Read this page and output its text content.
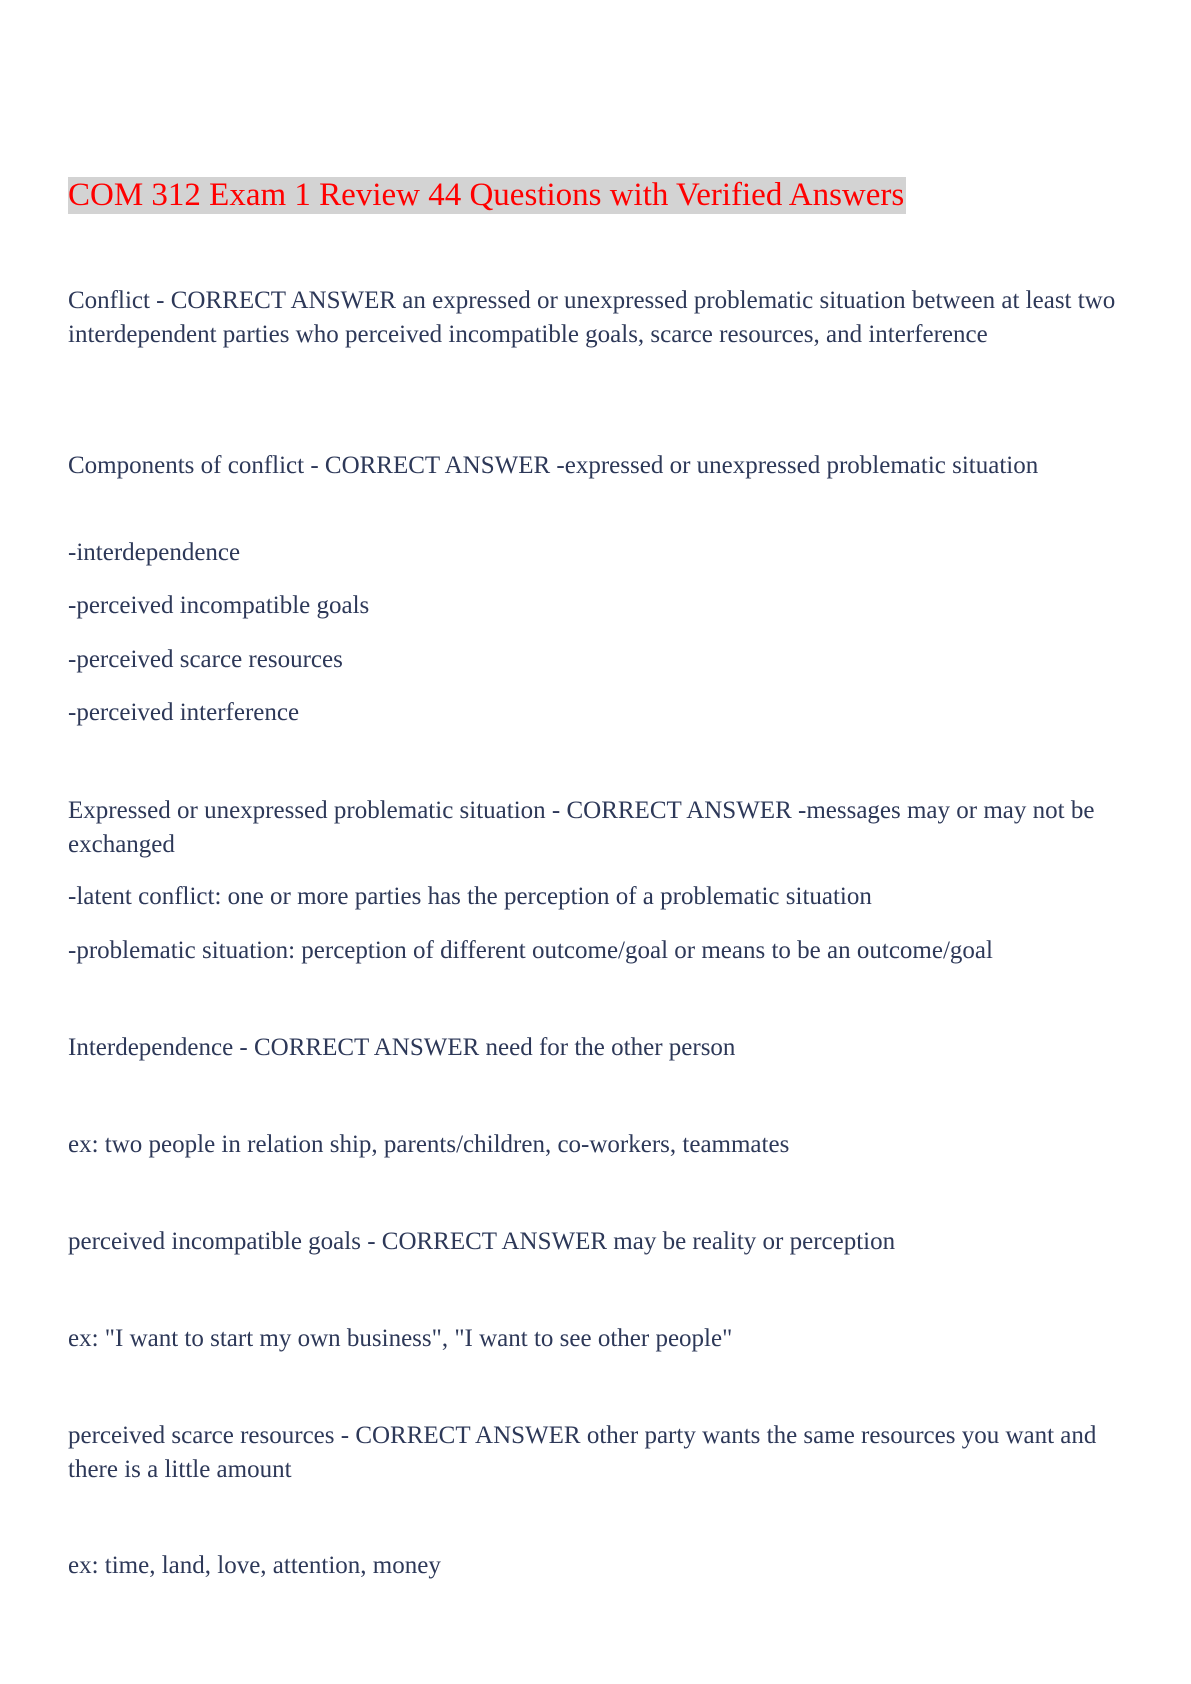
COM 312 Exam 1 Review 44 Questions with Verified Answers

Conflict - CORRECT ANSWER an expressed or unexpressed problematic situation between at least two interdependent parties who perceived incompatible goals, scarce resources, and interference

Components of conflict - CORRECT ANSWER -expressed or unexpressed problematic situation

-interdependence

-perceived incompatible goals

-perceived scarce resources

-perceived interference

Expressed or unexpressed problematic situation - CORRECT ANSWER -messages may or may not be exchanged

-latent conflict: one or more parties has the perception of a problematic situation

-problematic situation: perception of different outcome/goal or means to be an outcome/goal

Interdependence - CORRECT ANSWER need for the other person

ex: two people in relation ship, parents/children, co-workers, teammates

perceived incompatible goals - CORRECT ANSWER may be reality or perception

ex: "I want to start my own business", "I want to see other people"

perceived scarce resources - CORRECT ANSWER other party wants the same resources you want and there is a little amount

ex: time, land, love, attention, money
